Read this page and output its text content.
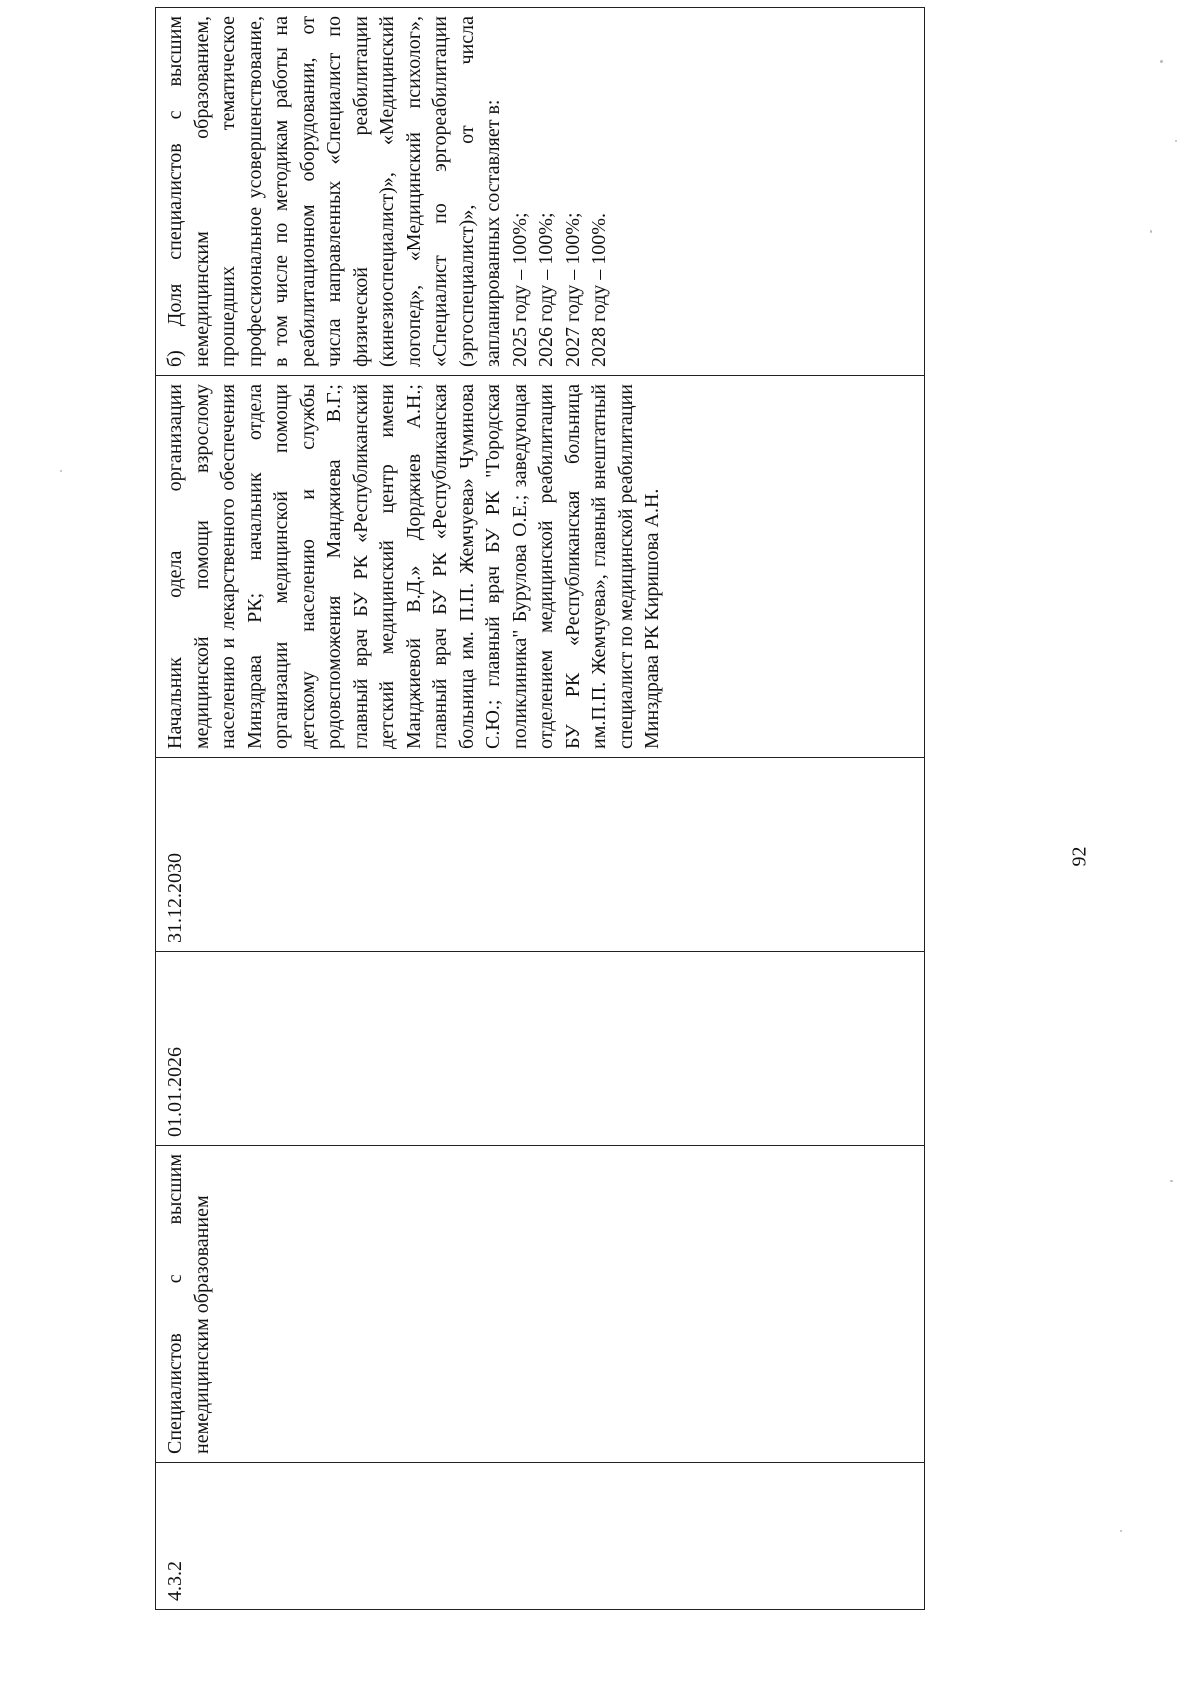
4.3.2	Специалистов с высшим немедицинским образованием	01.01.2026	31.12.2030	Начальник одела организации медицинской помощи взрослому населению и лекарственного обеспечения Минздрава РК; начальник отдела организации медицинской помощи детскому населению и службы родовспоможения Манджиева В.Г.; главный врач БУ РК «Республиканский детский медицинский центр имени Манджиевой В.Д.» Дорджиев А.Н.; главный врач БУ РК «Республиканская больница им. П.П. Жемчуева» Чуминова С.Ю.; главный врач БУ РК "Городская поликлиника" Бурулова О.Е.; заведующая отделением медицинской реабилитации БУ РК «Республиканская больница им.П.П. Жемчуева», главный внештатный специалист по медицинской реабилитации Минздрава РК Киришова А.Н.	б) Доля специалистов с высшим немедицинским образованием, прошедших тематическое профессиональное усовершенствование, в том числе по методикам работы на реабилитационном оборудовании, от числа направленных «Специалист по физической реабилитации (кинезиоспециалист)», «Медицинский логопед», «Медицинский психолог», «Специалист по эргореабилитации (эргоспециалист)», от числа запланированных составляет в: 2025 году – 100%; 2026 году – 100%; 2027 году – 100%; 2028 году – 100%.
92
